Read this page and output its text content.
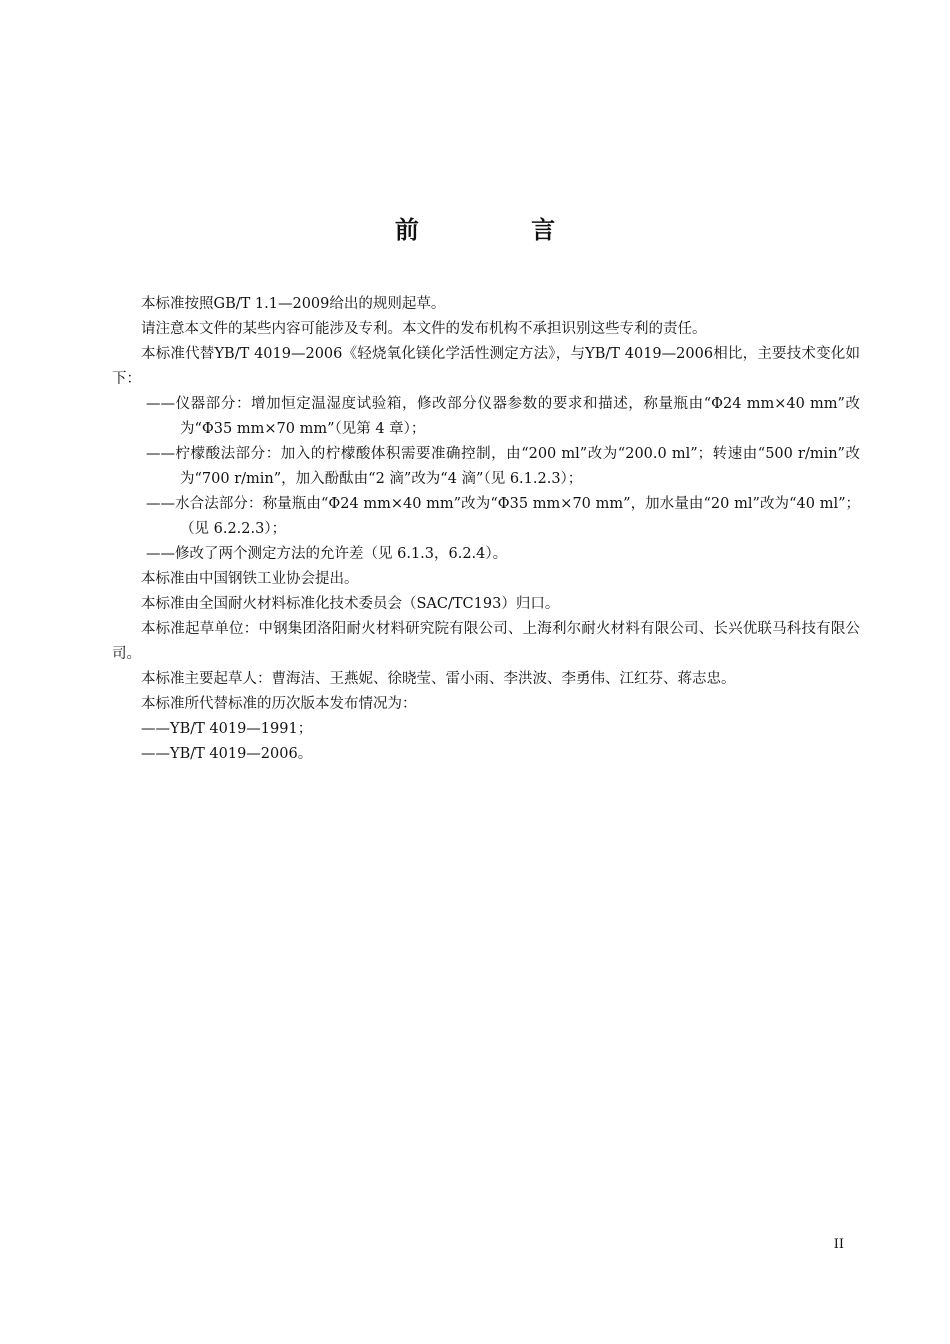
前 言

本标准按照GB/T 1.1—2009给出的规则起草。

请注意本文件的某些内容可能涉及专利。本文件的发布机构不承担识别这些专利的责任。

本标准代替YB/T 4019—2006《轻烧氧化镁化学活性测定方法》，与YB/T 4019—2006相比，主要技术变化如下：

——仪器部分：增加恒定温湿度试验箱，修改部分仪器参数的要求和描述，称量瓶由“Φ24 mm×40 mm”改为“Φ35 mm×70 mm”（见第 4 章）；
——柠檬酸法部分：加入的柠檬酸体积需要准确控制，由“200 ml”改为“200.0 ml”；转速由“500 r/min”改为“700 r/min”，加入酚酞由“2 滴”改为“4 滴”（见 6.1.2.3）；
——水合法部分：称量瓶由“Φ24 mm×40 mm”改为“Φ35 mm×70 mm”，加水量由“20 ml”改为“40 ml”；（见 6.2.2.3）；
——修改了两个测定方法的允许差（见 6.1.3，6.2.4）。

本标准由中国钢铁工业协会提出。

本标准由全国耐火材料标准化技术委员会（SAC/TC193）归口。

本标准起草单位：中钢集团洛阳耐火材料研究院有限公司、上海利尔耐火材料有限公司、长兴优联马科技有限公司。

本标准主要起草人：曹海洁、王燕妮、徐晓莹、雷小雨、李洪波、李勇伟、江红芬、蒋志忠。

本标准所代替标准的历次版本发布情况为：

——YB/T 4019—1991；

——YB/T 4019—2006。

II
